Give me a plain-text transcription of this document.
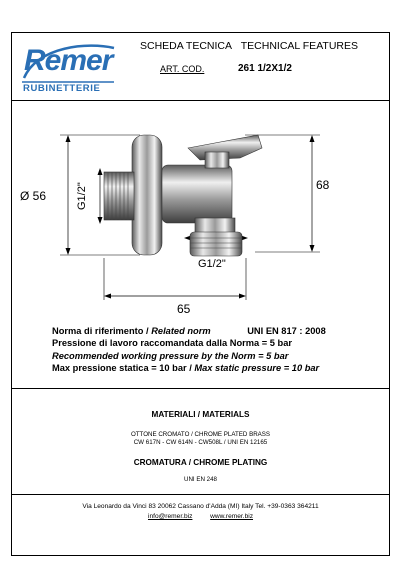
Remer
RUBINETTERIE
SCHEDA TECNICA TECHNICAL FEATURES
ART. COD.	261 1/2X1/2
Ø 56	G1/2"	68
G1/2"
65
Norma di riferimento / Related norm	UNI EN 817 : 2008
Pressione di lavoro raccomandata dalla Norma = 5 bar
Recommended working pressure by the Norm = 5 bar
Max pressione statica = 10 bar / Max static pressure = 10 bar
MATERIALI / MATERIALS
OTTONE CROMATO / CHROME PLATED BRASS
CW 617N - CW 614N - CW508L / UNI EN 12165
CROMATURA / CHROME PLATING
UNI EN 248
Via Leonardo da Vinci 83 20062 Cassano d'Adda (MI) Italy Tel. +39-0363 364211
info@remer.biz	www.remer.biz
